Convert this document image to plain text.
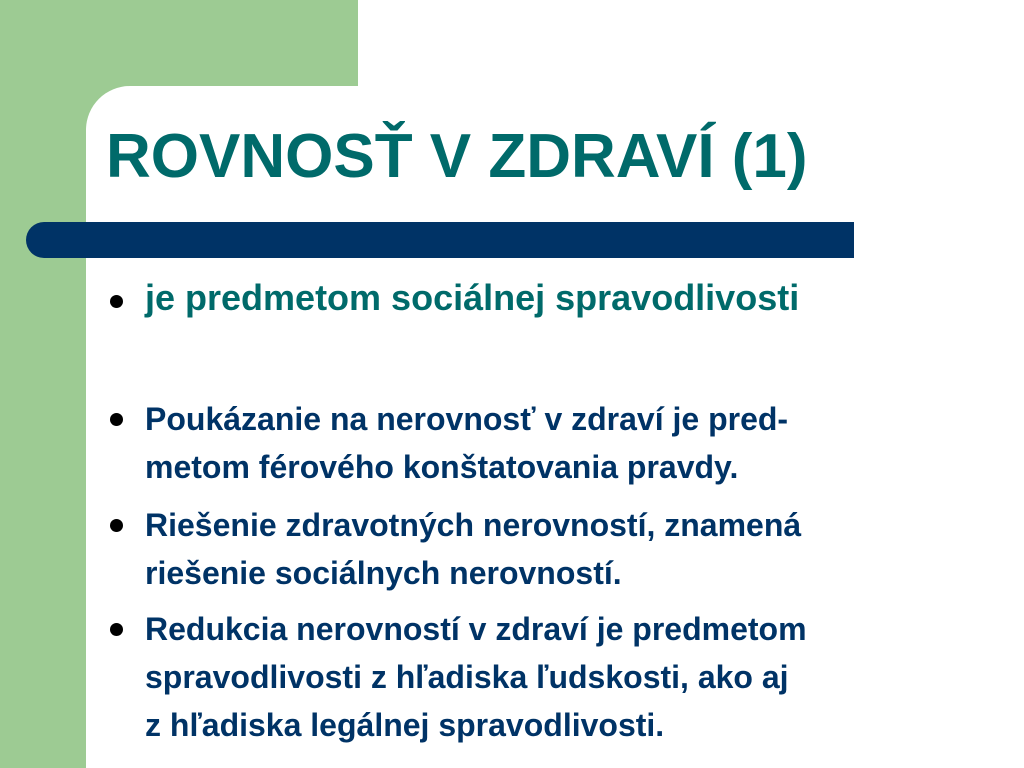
ROVNOSŤ V ZDRAVÍ (1)
je predmetom sociálnej spravodlivosti
Poukázanie na nerovnosť v zdraví je pred-
metom férového konštatovania pravdy.
Riešenie zdravotných nerovností, znamená
riešenie sociálnych nerovností.
Redukcia nerovností v zdraví je predmetom
spravodlivosti z hľadiska ľudskosti, ako aj
z hľadiska legálnej spravodlivosti.
